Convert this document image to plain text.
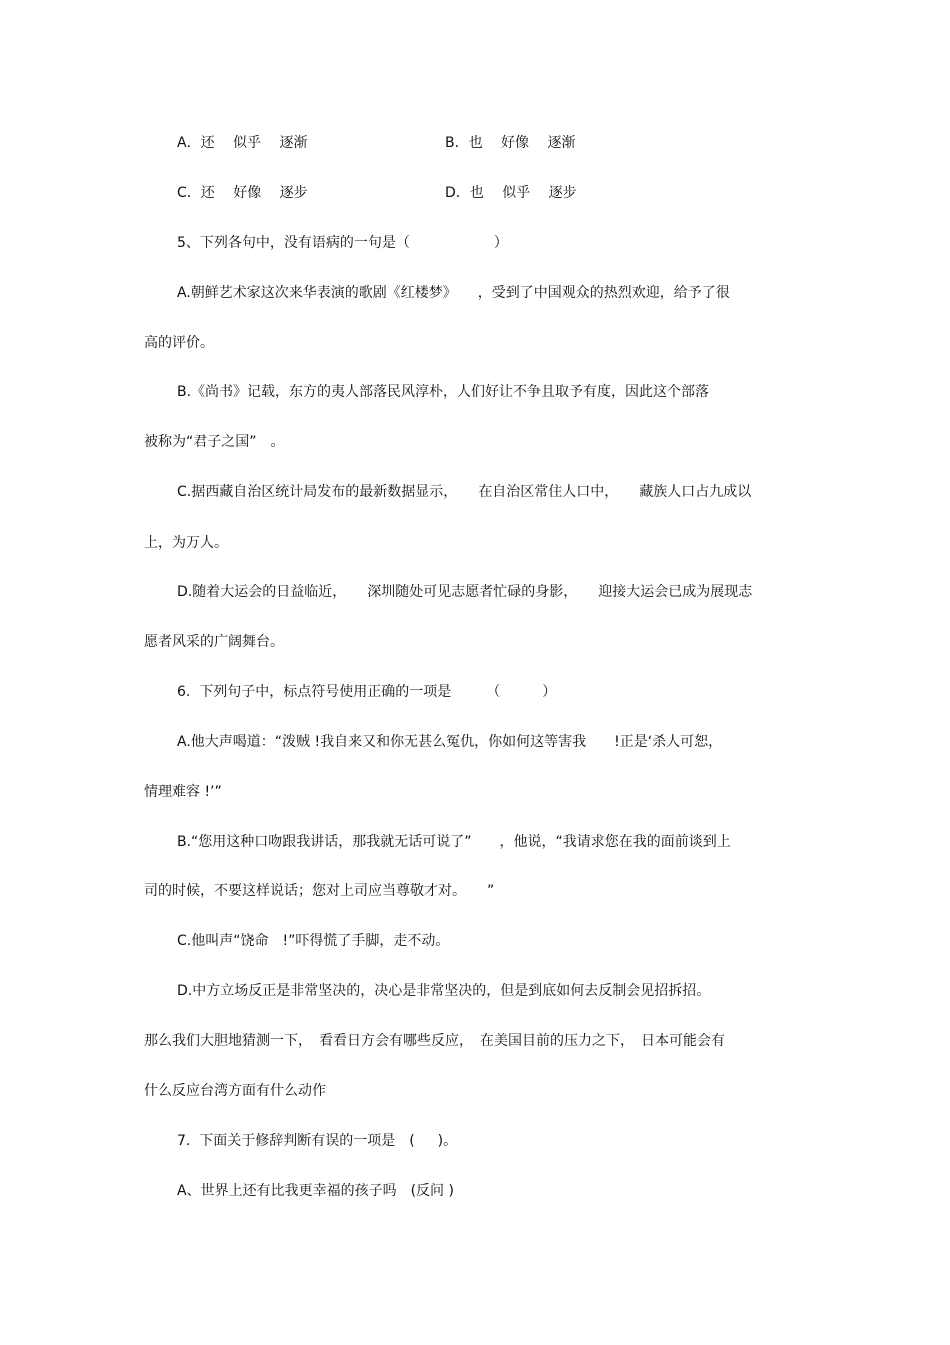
A．还　 似乎　 逐渐	B．也　 好像　 逐渐
C．还　 好像　 逐步	D．也　 似乎　 逐步
5、下列各句中，没有语病的一句是（　　　　　　）
A.朝鲜艺术家这次来华表演的歌剧《红楼梦》　　，受到了中国观众的热烈欢迎，给予了很
高的评价。
B.《尚书》记载，东方的夷人部落民风淳朴，人们好让不争且取予有度，因此这个部落
被称为“君子之国”　。
C.据西藏自治区统计局发布的最新数据显示，　　在自治区常住人口中，　　藏族人口占九成以
上，为万人。
D.随着大运会的日益临近，　　深圳随处可见志愿者忙碌的身影，　　迎接大运会已成为展现志
愿者风采的广阔舞台。
6.  下列句子中，标点符号使用正确的一项是　　　（　　　）
A.他大声喝道：“泼贼 !我自来又和你无甚么冤仇，你如何这等害我　　!正是‘杀人可恕，
情理难容 !’”
B.“您用这种口吻跟我讲话，那我就无话可说了”　　，他说，“我请求您在我的面前谈到上
司的时候，不要这样说话；您对上司应当尊敬才对。　　”
C.他叫声“饶命　!”吓得慌了手脚，走不动。
D.中方立场反正是非常坚决的，决心是非常坚决的，但是到底如何去反制会见招拆招。
那么我们大胆地猜测一下，　看看日方会有哪些反应，　在美国目前的压力之下，　日本可能会有
什么反应台湾方面有什么动作
7.  下面关于修辞判断有误的一项是　(　  )。
A、世界上还有比我更幸福的孩子吗　(反问 )
